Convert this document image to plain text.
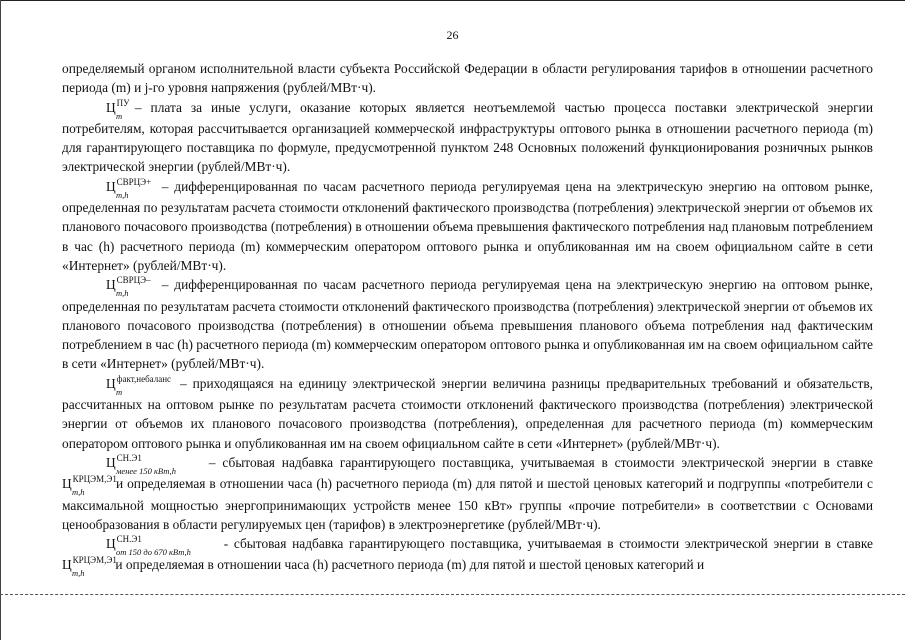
26

определяемый органом исполнительной власти субъекта Российской Федерации в области регулирования тарифов в отношении расчетного периода (m) и j-го уровня напряжения (рублей/МВт·ч).

$Ц^{ПУ}$
m
– плата за иные услуги, оказание которых является неотъемлемой частью процесса поставки электрической энергии потребителям, которая рассчитывается организацией коммерческой инфраструктуры оптового рынка в отношении расчетного периода (m) для гарантирующего поставщика по формуле, предусмотренной пунктом 248 Основных положений функционирования розничных рынков электрической энергии (рублей/МВт·ч).

$Ц^{СВРЦЭ+}$
m,h
– дифференцированная по часам расчетного периода регулируемая цена на электрическую энергию на оптовом рынке, определенная по результатам расчета стоимости отклонений фактического производства (потребления) электрической энергии от объемов их планового почасового производства (потребления) в отношении объема превышения фактического потребления над плановым потреблением в час (h) расчетного периода (m) коммерческим оператором оптового рынка и опубликованная им на своем официальном сайте в сети «Интернет» (рублей/МВт·ч).

$Ц^{СВРЦЭ-}$
m,h
– дифференцированная по часам расчетного периода регулируемая цена на электрическую энергию на оптовом рынке, определенная по результатам расчета стоимости отклонений фактического производства (потребления) электрической энергии от объемов их планового почасового производства (потребления) в отношении объема превышения планового объема потребления над фактическим потреблением в час (h) расчетного периода (m) коммерческим оператором оптового рынка и опубликованная им на своем официальном сайте в сети «Интернет» (рублей/МВт·ч).

$Ц^{факт,небаланс}$
m
– приходящаяся на единицу электрической энергии величина разницы предварительных требований и обязательств, рассчитанных на оптовом рынке по результатам расчета стоимости отклонений фактического производства (потребления) электрической энергии от объемов их планового почасового производства (потребления), определенная для расчетного периода (m) коммерческим оператором оптового рынка и опубликованная им на своем официальном сайте в сети «Интернет» (рублей/МВт·ч).

$Ц^{СН.Э1}$
менее 150 кВт,h
– сбытовая надбавка гарантирующего поставщика, учитываемая в стоимости электрической энергии в ставке $Ц^{КРЦЭМ,Э1}$
m,h
и определяемая в отношении часа (h) расчетного периода (m) для пятой и шестой ценовых категорий и подгруппы «потребители с максимальной мощностью энергопринимающих устройств менее 150 кВт» группы «прочие потребители» в соответствии с Основами ценообразования в области регулируемых цен (тарифов) в электроэнергетике (рублей/МВт·ч).

$Ц^{СН.Э1}$
от 150 до 670 кВт,h
- сбытовая надбавка гарантирующего поставщика, учитываемая в стоимости электрической энергии в ставке $Ц^{КРЦЭМ,Э1}$
m,h
и определяемая в отношении часа (h) расчетного периода (m) для пятой и шестой ценовых категорий и
